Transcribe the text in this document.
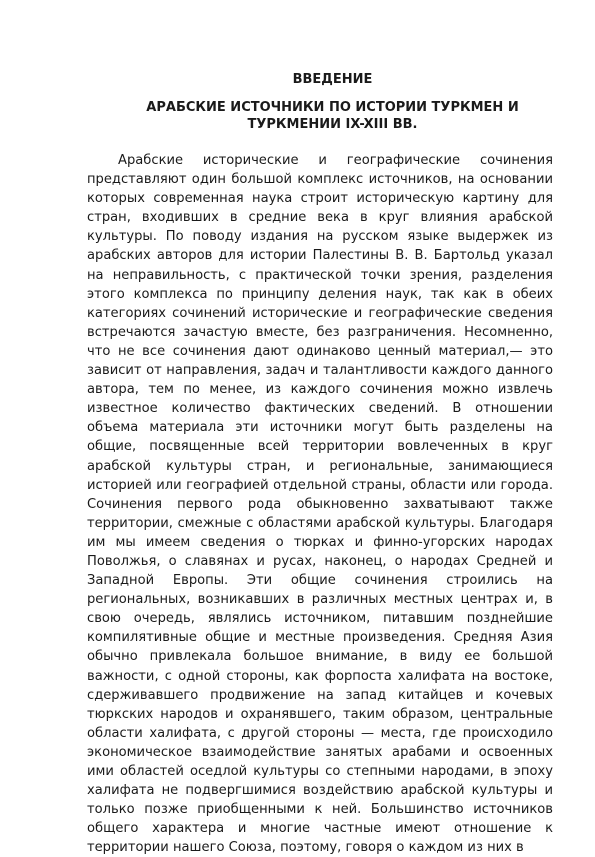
ВВЕДЕНИЕ
АРАБСКИЕ ИСТОЧНИКИ ПО ИСТОРИИ ТУРКМЕН И
ТУРКМЕНИИ IX-XIII ВВ.

Арабские исторические и географические сочинения представляют один большой комплекс источников, на основании которых современная наука строит историческую картину для стран, входивших в средние века в круг влияния арабской культуры. По поводу издания на русском языке выдержек из арабских авторов для истории Палестины В. В. Бартольд указал на неправильность, с практической точки зрения, разделения этого комплекса по принципу деления наук, так как в обеих категориях сочинений исторические и географические сведения встречаются зачастую вместе, без разграничения. Несомненно, что не все сочинения дают одинаково ценный материал,— это зависит от направления, задач и талантливости каждого данного автора, тем по менее, из каждого сочинения можно извлечь известное количество фактических сведений. В отношении объема материала эти источники могут быть разделены на общие, посвященные всей территории вовлеченных в круг арабской культуры стран, и региональные, занимающиеся историей или географией отдельной страны, области или города. Сочинения первого рода обыкновенно захватывают также территории, смежные с областями арабской культуры. Благодаря им мы имеем сведения о тюрках и финно-угорских народах Поволжья, о славянах и русах, наконец, о народах Средней и Западной Европы. Эти общие сочинения строились на региональных, возникавших в различных местных центрах и, в свою очередь, являлись источником, питавшим позднейшие компилятивные общие и местные произведения. Средняя Азия обычно привлекала большое внимание, в виду ее большой важности, с одной стороны, как форпоста халифата на востоке, сдерживавшего продвижение на запад китайцев и кочевых тюркских народов и охранявшего, таким образом, центральные области халифата, с другой стороны — места, где происходило экономическое взаимодействие занятых арабами и освоенных ими областей оседлой культуры со степными народами, в эпоху халифата не подвергшимися воздействию арабской культуры и только позже приобщенными к ней. Большинство источников общего характера и многие частные имеют отношение к территории нашего Союза, поэтому, говоря о каждом из них в
